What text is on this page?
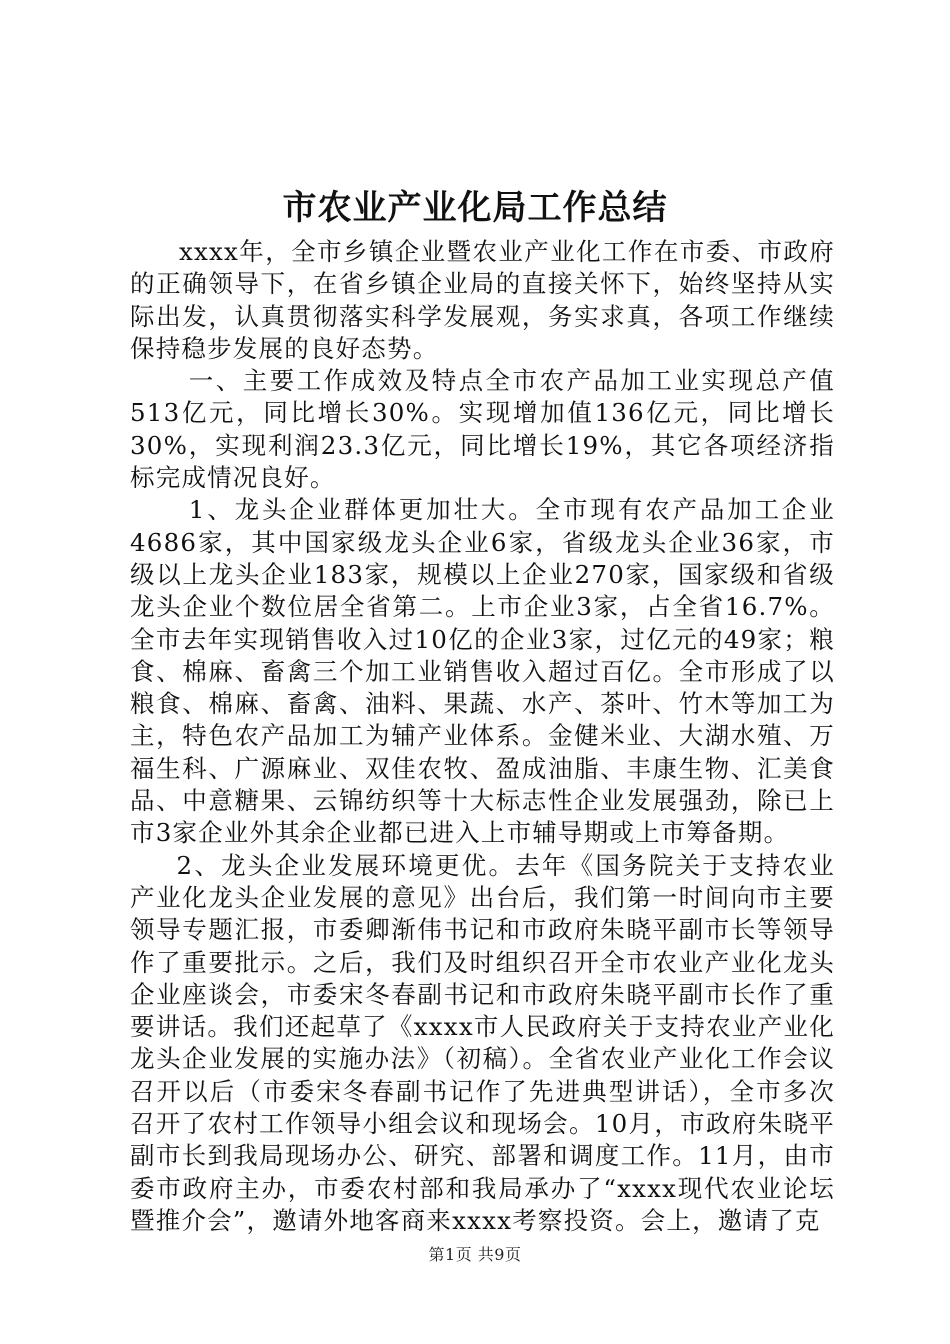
市农业产业化局工作总结

xxxx年，全市乡镇企业暨农业产业化工作在市委、市政府的正确领导下，在省乡镇企业局的直接关怀下，始终坚持从实际出发，认真贯彻落实科学发展观，务实求真，各项工作继续保持稳步发展的良好态势。

一、主要工作成效及特点全市农产品加工业实现总产值513亿元，同比增长30%。实现增加值136亿元，同比增长30%，实现利润23.3亿元，同比增长19%，其它各项经济指标完成情况良好。

1、龙头企业群体更加壮大。全市现有农产品加工企业4686家，其中国家级龙头企业6家，省级龙头企业36家，市级以上龙头企业183家，规模以上企业270家，国家级和省级龙头企业个数位居全省第二。上市企业3家，占全省16.7%。全市去年实现销售收入过10亿的企业3家，过亿元的49家；粮食、棉麻、畜禽三个加工业销售收入超过百亿。全市形成了以粮食、棉麻、畜禽、油料、果蔬、水产、茶叶、竹木等加工为主，特色农产品加工为辅产业体系。金健米业、大湖水殖、万福生科、广源麻业、双佳农牧、盈成油脂、丰康生物、汇美食品、中意糖果、云锦纺织等十大标志性企业发展强劲，除已上市3家企业外其余企业都已进入上市辅导期或上市筹备期。

2、龙头企业发展环境更优。去年《国务院关于支持农业产业化龙头企业发展的意见》出台后，我们第一时间向市主要领导专题汇报，市委卿渐伟书记和市政府朱晓平副市长等领导作了重要批示。之后，我们及时组织召开全市农业产业化龙头企业座谈会，市委宋冬春副书记和市政府朱晓平副市长作了重要讲话。我们还起草了《xxxx市人民政府关于支持农业产业化龙头企业发展的实施办法》（初稿）。全省农业产业化工作会议召开以后（市委宋冬春副书记作了先进典型讲话），全市多次召开了农村工作领导小组会议和现场会。10月，市政府朱晓平副市长到我局现场办公、研究、部署和调度工作。11月，由市委市政府主办，市委农村部和我局承办了“xxxx现代农业论坛暨推介会”，邀请外地客商来xxxx考察投资。会上，邀请了克

第1页 共9页
